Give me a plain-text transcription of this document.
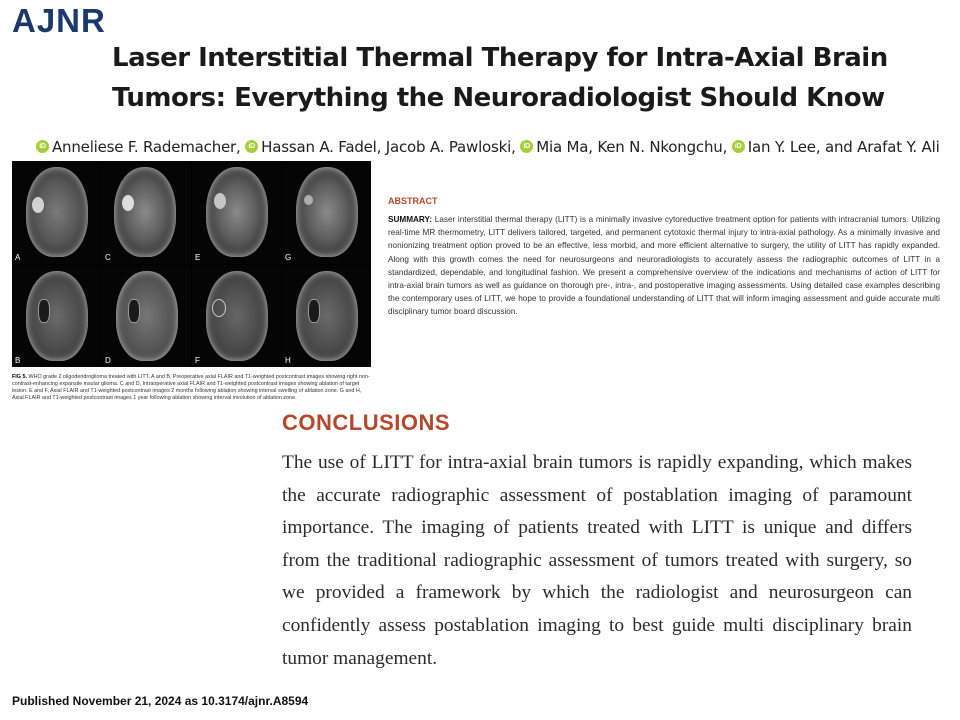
AJNR
Laser Interstitial Thermal Therapy for Intra-Axial Brain Tumors: Everything the Neuroradiologist Should Know
iD Anneliese F. Rademacher, iD Hassan A. Fadel, Jacob A. Pawloski, iD Mia Ma, Ken N. Nkongchu, iD Ian Y. Lee, and Arafat Y. Ali
A	C	E	G
B	D	F	H
FIG 5. WHO grade 2 oligodendroglioma treated with LITT. A and B, Preoperative axial FLAIR and T1-weighted postcontrast images showing right non-contrast-enhancing expansile insular glioma. C and D, Intraoperative axial FLAIR and T1-weighted postcontrast images showing ablation of target lesion. E and F, Axial FLAIR and T1-weighted postcontrast images 2 months following ablation showing interval swelling of ablation zone. G and H, Axial FLAIR and T1-weighted postcontrast images 1 year following ablation showing interval involution of ablation zone.
ABSTRACT
SUMMARY: Laser interstitial thermal therapy (LITT) is a minimally invasive cytoreductive treatment option for patients with intracranial tumors. Utilizing real-time MR thermometry, LITT delivers tailored, targeted, and permanent cytotoxic thermal injury to intra-axial pathology. As a minimally invasive and nonionizing treatment option proved to be an effective, less morbid, and more efficient alternative to surgery, the utility of LITT has rapidly expanded. Along with this growth comes the need for neurosurgeons and neuroradiologists to accurately assess the radiographic outcomes of LITT in a standardized, dependable, and longitudinal fashion. We present a comprehensive overview of the indications and mechanisms of action of LITT for intra-axial brain tumors as well as guidance on thorough pre-, intra-, and postoperative imaging assessments. Using detailed case examples describing the contemporary uses of LITT, we hope to provide a foundational understanding of LITT that will inform imaging assessment and guide accurate multi disciplinary tumor board discussion.
CONCLUSIONS
The use of LITT for intra-axial brain tumors is rapidly expanding, which makes the accurate radiographic assessment of postablation imaging of paramount importance. The imaging of patients treated with LITT is unique and differs from the traditional radiographic assessment of tumors treated with surgery, so we provided a framework by which the radiologist and neurosurgeon can confidently assess postablation imaging to best guide multi disciplinary brain tumor management.
Published November 21, 2024 as 10.3174/ajnr.A8594
